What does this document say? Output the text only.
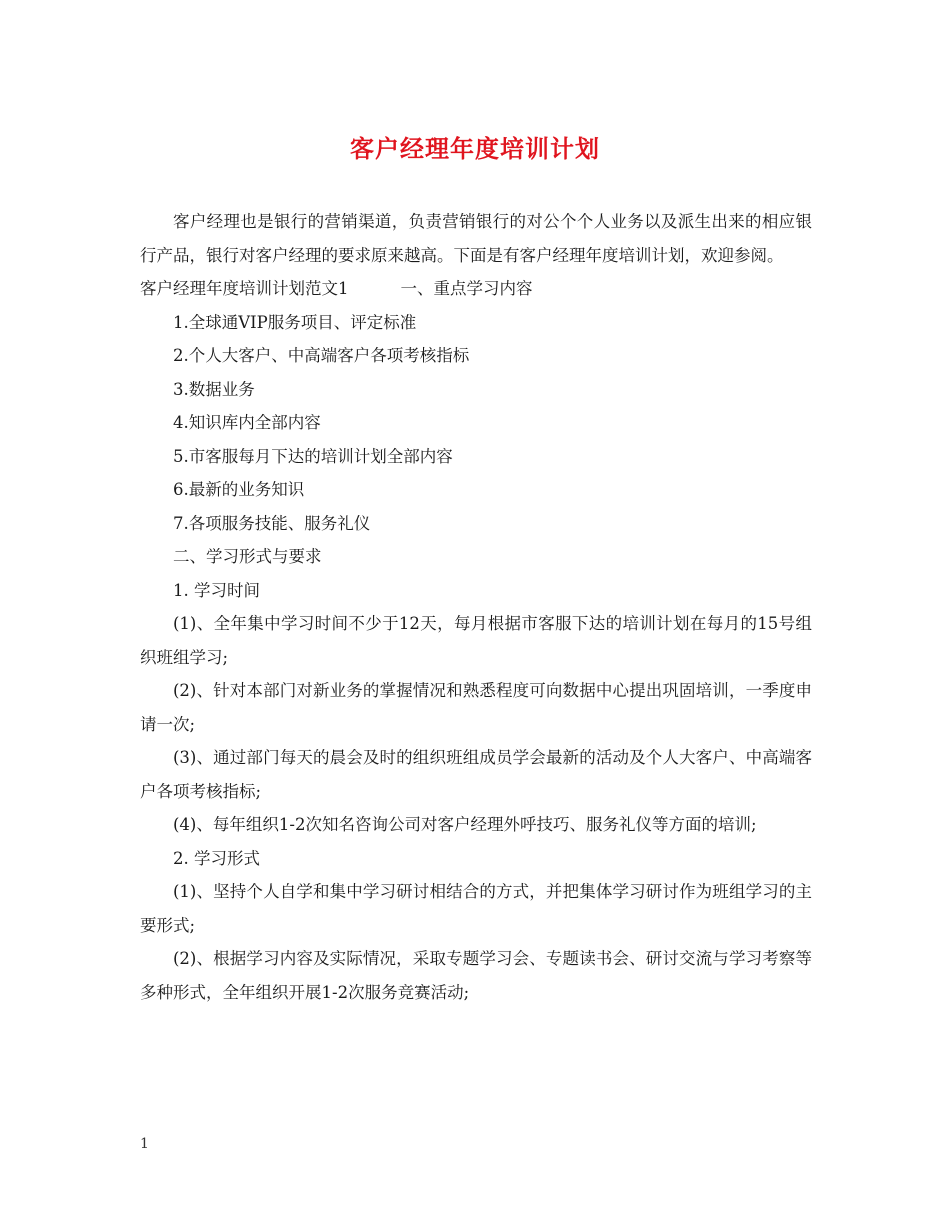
客户经理年度培训计划

客户经理也是银行的营销渠道，负责营销银行的对公个个人业务以及派生出来的相应银行产品，银行对客户经理的要求原来越高。下面是有客户经理年度培训计划，欢迎参阅。

客户经理年度培训计划范文1	一、重点学习内容

1.全球通VIP服务项目、评定标准

2.个人大客户、中高端客户各项考核指标

3.数据业务

4.知识库内全部内容

5.市客服每月下达的培训计划全部内容

6.最新的业务知识

7.各项服务技能、服务礼仪

二、学习形式与要求

1. 学习时间

(1)、全年集中学习时间不少于12天，每月根据市客服下达的培训计划在每月的15号组织班组学习;

(2)、针对本部门对新业务的掌握情况和熟悉程度可向数据中心提出巩固培训，一季度申请一次;

(3)、通过部门每天的晨会及时的组织班组成员学会最新的活动及个人大客户、中高端客户各项考核指标;

(4)、每年组织1-2次知名咨询公司对客户经理外呼技巧、服务礼仪等方面的培训;

2. 学习形式

(1)、坚持个人自学和集中学习研讨相结合的方式，并把集体学习研讨作为班组学习的主要形式;

(2)、根据学习内容及实际情况，采取专题学习会、专题读书会、研讨交流与学习考察等多种形式，全年组织开展1-2次服务竞赛活动;

1
